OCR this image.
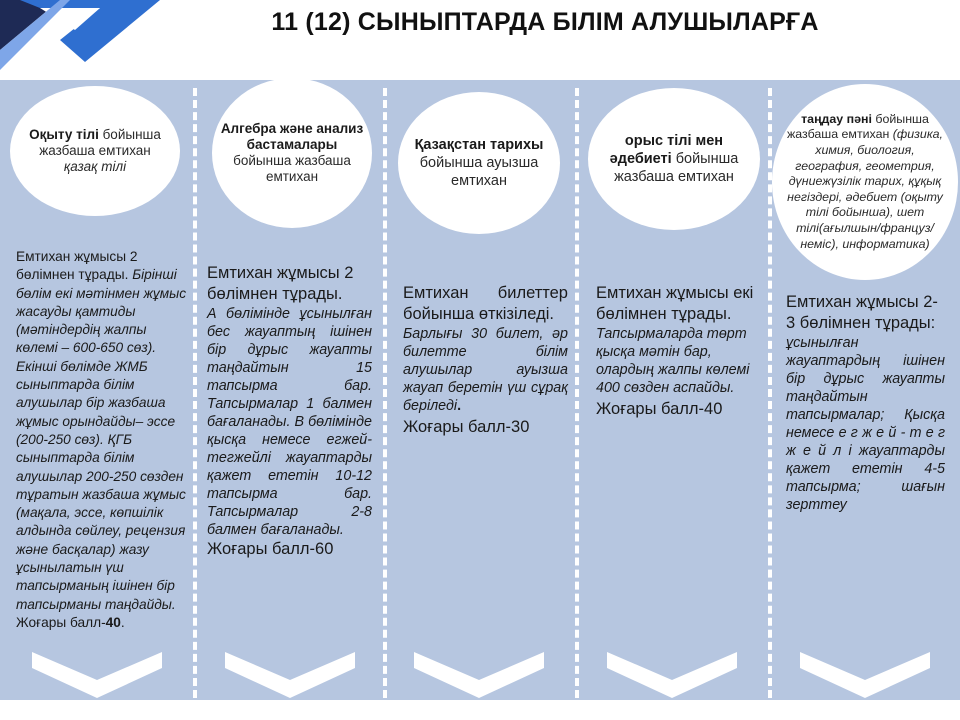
11 (12) СЫНЫПТАРДА БІЛІМ АЛУШЫЛАРҒА
Оқыту тілі бойынша жазбаша емтихан қазақ тілі
Емтихан жұмысы 2 бөлімнен тұрады. Бірінші бөлім екі мәтінмен жұмыс жасауды қамтиды (мәтіндердің жалпы көлемі – 600-650 сөз). Екінші бөлімде ЖМБ сыныптарда білім алушылар бір жазбаша жұмыс орындайды– эссе (200-250 сөз). ҚГБ сыныптарда білім алушылар 200-250 сөзден тұратын жазбаша жұмыс (мақала, эссе, көпшілік алдында сөйлеу, рецензия және басқалар) жазу ұсынылатын үш тапсырманың ішінен бір тапсырманы таңдайды. Жоғары балл-40.
Алгебра және анализ бастамалары
бойынша жазбаша емтихан
Емтихан жұмысы 2 бөлімнен тұрады.
А бөлімінде ұсынылған бес жауаптың ішінен бір дұрыс жауапты таңдайтын 15 тапсырма бар. Тапсырмалар 1 балмен бағаланады. В бөлімінде қысқа немесе егжей-тегжейлі жауаптарды қажет ететін 10-12 тапсырма бар. Тапсырмалар 2-8 балмен бағаланады.
Жоғары балл-60
Қазақстан тарихы
бойынша ауызша емтихан
Емтихан билеттер бойынша өткізіледі.
Барлығы 30 билет, әр билетте білім алушылар ауызша жауап беретін үш сұрақ беріледі.
Жоғары балл-30
орыс тілі мен әдебиеті бойынша жазбаша емтихан
Емтихан жұмысы екі бөлімнен тұрады.
Тапсырмаларда төрт қысқа мәтін бар, олардың жалпы көлемі 400 сөзден аспайды.
Жоғары балл-40
таңдау пәні бойынша жазбаша емтихан (физика, химия, биология, география, геометрия, дүниежүзілік тарих, құқық негіздері, әдебиет (оқыту тілі бойынша), шет тілі(ағылшын/француз/неміс), информатика)
Емтихан жұмысы 2-3 бөлімнен тұрады:
ұсынылған жауаптардың ішінен бір дұрыс жауапты таңдайтын тапсырмалар; Қысқа немесе е г ж е й - т е г ж е й л і жауаптарды қажет ететін 4-5 тапсырма; шағын зерттеу
